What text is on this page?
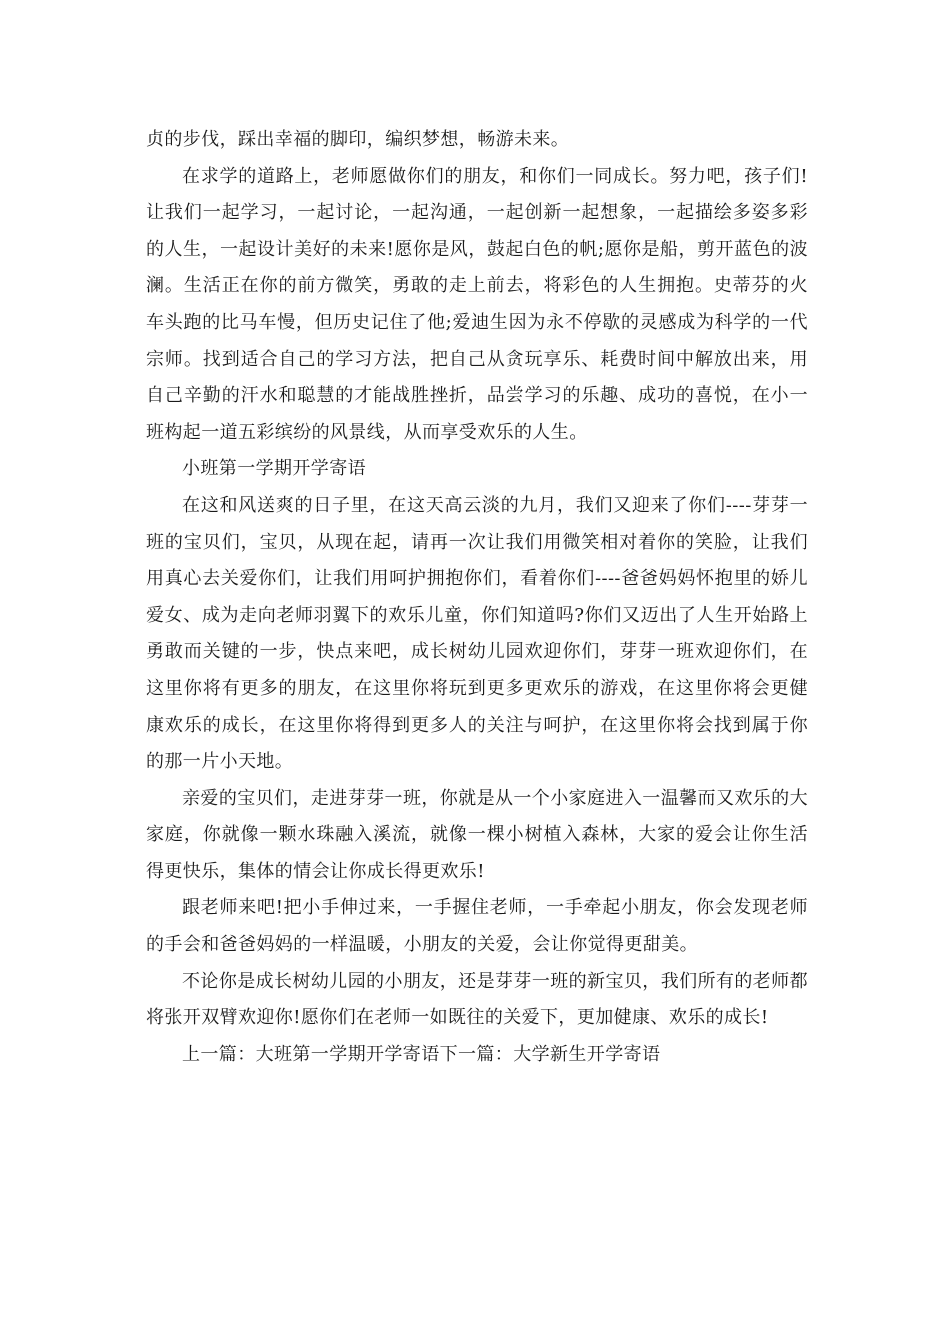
贞的步伐，踩出幸福的脚印，编织梦想，畅游未来。

在求学的道路上，老师愿做你们的朋友，和你们一同成长。努力吧，孩子们!让我们一起学习，一起讨论，一起沟通，一起创新一起想象，一起描绘多姿多彩的人生，一起设计美好的未来!愿你是风，鼓起白色的帆;愿你是船，剪开蓝色的波澜。生活正在你的前方微笑，勇敢的走上前去，将彩色的人生拥抱。史蒂芬的火车头跑的比马车慢，但历史记住了他;爱迪生因为永不停歇的灵感成为科学的一代宗师。找到适合自己的学习方法，把自己从贪玩享乐、耗费时间中解放出来，用自己辛勤的汗水和聪慧的才能战胜挫折，品尝学习的乐趣、成功的喜悦，在小一班构起一道五彩缤纷的风景线，从而享受欢乐的人生。

小班第一学期开学寄语

在这和风送爽的日子里，在这天高云淡的九月，我们又迎来了你们----芽芽一班的宝贝们，宝贝，从现在起，请再一次让我们用微笑相对着你的笑脸，让我们用真心去关爱你们，让我们用呵护拥抱你们，看着你们----爸爸妈妈怀抱里的娇儿爱女、成为走向老师羽翼下的欢乐儿童，你们知道吗?你们又迈出了人生开始路上勇敢而关键的一步，快点来吧，成长树幼儿园欢迎你们，芽芽一班欢迎你们，在这里你将有更多的朋友，在这里你将玩到更多更欢乐的游戏，在这里你将会更健康欢乐的成长，在这里你将得到更多人的关注与呵护，在这里你将会找到属于你的那一片小天地。

亲爱的宝贝们，走进芽芽一班，你就是从一个小家庭进入一温馨而又欢乐的大家庭，你就像一颗水珠融入溪流，就像一棵小树植入森林，大家的爱会让你生活得更快乐，集体的情会让你成长得更欢乐!

跟老师来吧!把小手伸过来，一手握住老师，一手牵起小朋友，你会发现老师的手会和爸爸妈妈的一样温暖，小朋友的关爱，会让你觉得更甜美。

不论你是成长树幼儿园的小朋友，还是芽芽一班的新宝贝，我们所有的老师都将张开双臂欢迎你!愿你们在老师一如既往的关爱下，更加健康、欢乐的成长!

上一篇：大班第一学期开学寄语下一篇：大学新生开学寄语
